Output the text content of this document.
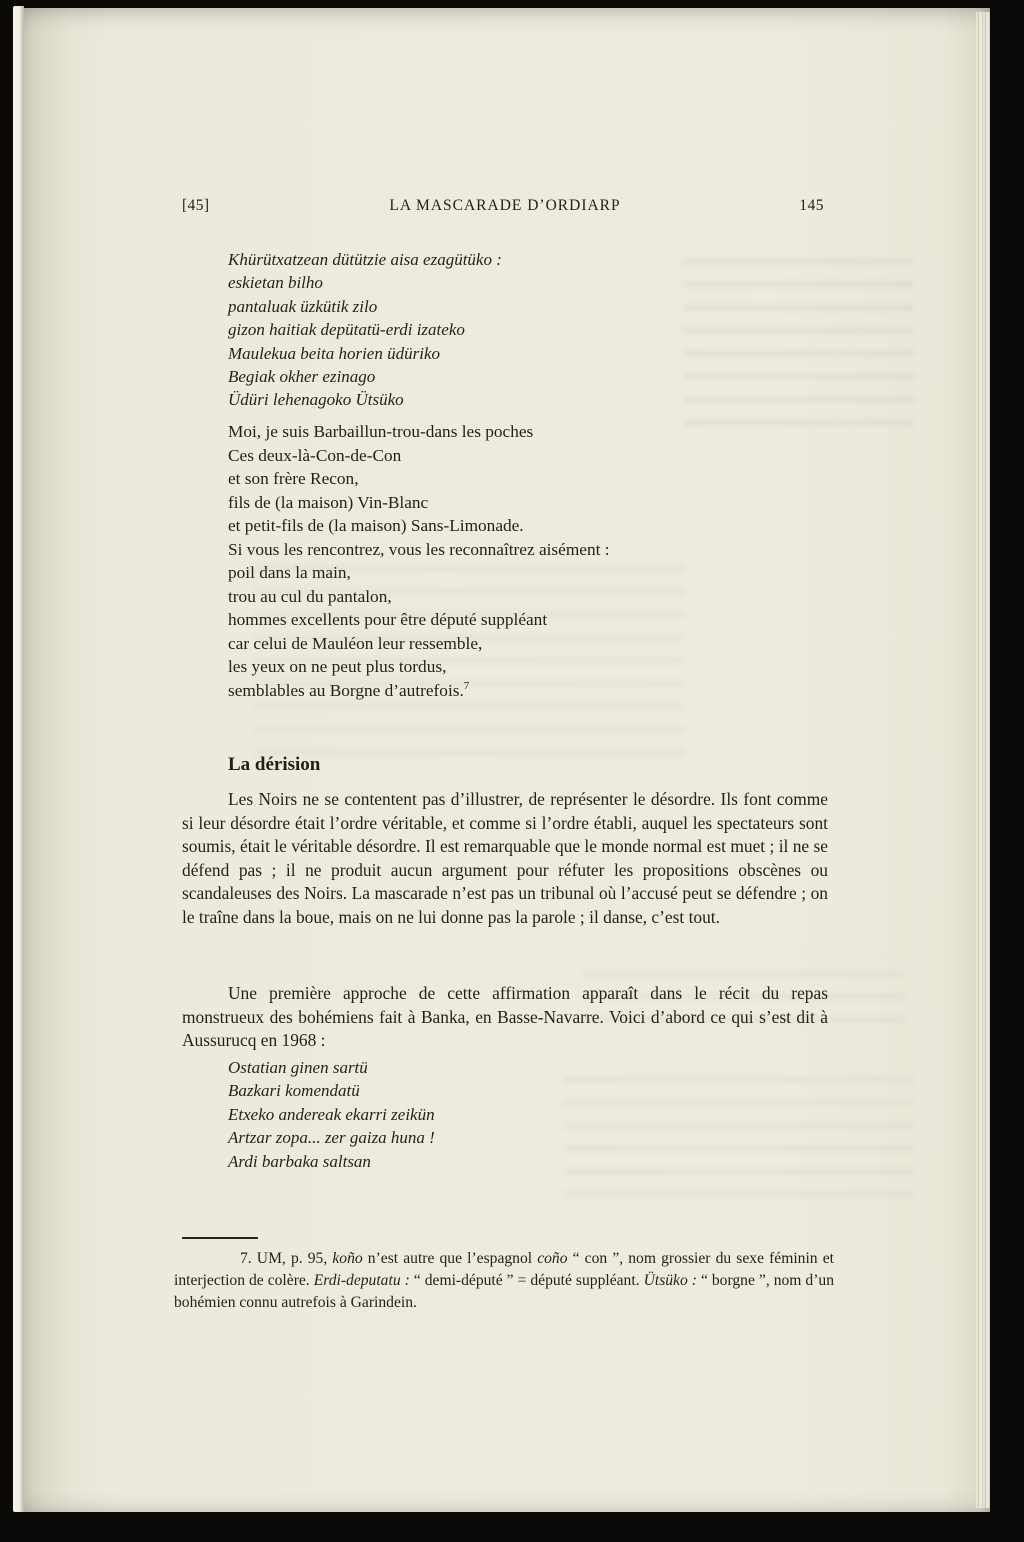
[45]	LA MASCARADE D’ORDIARP	145
Khürütxatzean dütützie aisa ezagütüko :
eskietan bilho
pantaluak üzkütik zilo
gizon haitiak depütatü-erdi izateko
Maulekua beita horien üdüriko
Begiak okher ezinago
Üdüri lehenagoko Ütsüko
Moi, je suis Barbaillun-trou-dans les poches
Ces deux-là-Con-de-Con
et son frère Recon,
fils de (la maison) Vin-Blanc
et petit-fils de (la maison) Sans-Limonade.
Si vous les rencontrez, vous les reconnaîtrez aisément :
poil dans la main,
trou au cul du pantalon,
hommes excellents pour être député suppléant
car celui de Mauléon leur ressemble,
les yeux on ne peut plus tordus,
semblables au Borgne d’autrefois.$^7$
La dérision
Les Noirs ne se contentent pas d’illustrer, de représenter le désordre. Ils font comme si leur désordre était l’ordre véritable, et comme si l’ordre établi, auquel les spectateurs sont soumis, était le véritable désordre. Il est remarquable que le monde normal est muet ; il ne se défend pas ; il ne produit aucun argument pour réfuter les propositions obscènes ou scandaleuses des Noirs. La mascarade n’est pas un tribunal où l’accusé peut se défendre ; on le traîne dans la boue, mais on ne lui donne pas la parole ; il danse, c’est tout.
Une première approche de cette affirmation apparaît dans le récit du repas monstrueux des bohémiens fait à Banka, en Basse-Navarre. Voici d’abord ce qui s’est dit à Aussurucq en 1968 :
Ostatian ginen sartü
Bazkari komendatü
Etxeko andereak ekarri zeikün
Artzar zopa... zer gaiza huna !
Ardi barbaka saltsan
7. UM, p. 95, koño n’est autre que l’espagnol coño “ con ”, nom grossier du sexe féminin et interjection de colère. Erdi-deputatu : “ demi-député ” = député suppléant. Ütsüko : “ borgne ”, nom d’un bohémien connu autrefois à Garindein.
